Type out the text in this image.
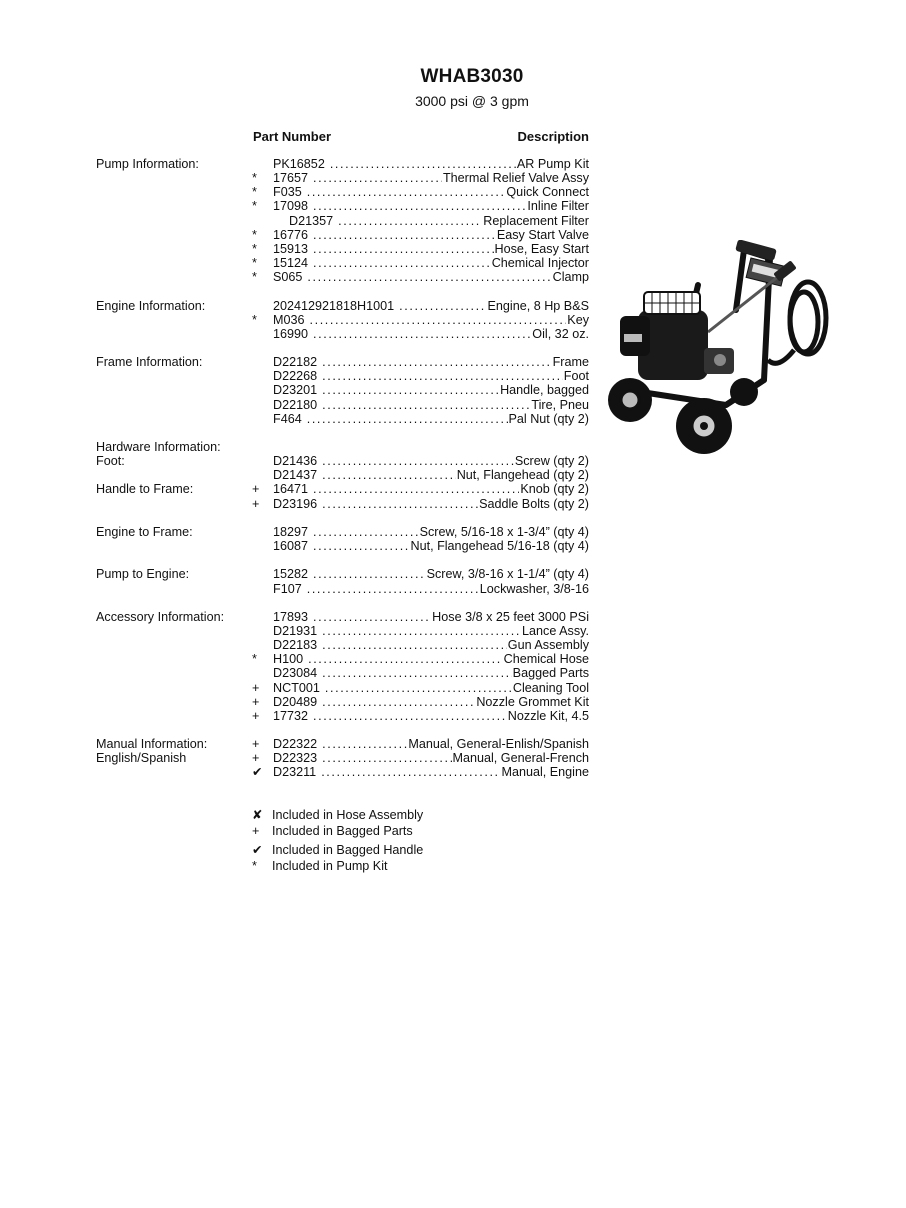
WHAB3030
3000 psi @ 3 gpm
Part Number	Description
Pump Information:	PK16852 .....	AR Pump Kit
*	17657 .....	Thermal Relief Valve Assy
*	F035 .....	Quick Connect
*	17098 .....	Inline Filter
D21357 .....	Replacement Filter
*	16776 .....	Easy Start Valve
*	15913 .....	Hose, Easy Start
*	15124 .....	Chemical Injector
*	S065 .....	Clamp
Engine Information:	202412921818H1001 .....	Engine, 8 Hp B&S
*	M036 .....	Key
16990 .....	Oil, 32 oz.
Frame Information:	D22182 .....	Frame
D22268 .....	Foot
D23201 .....	Handle, bagged
D22180 .....	Tire, Pneu
F464 .....	Pal Nut (qty 2)
Hardware Information:
Foot:	D21436 .....	Screw (qty 2)
D21437 .....	Nut, Flangehead (qty 2)
Handle to Frame:	+	16471 .....	Knob (qty 2)
+	D23196 .....	Saddle Bolts (qty 2)
Engine to Frame:	18297 .....	Screw, 5/16-18 x 1-3/4” (qty 4)
16087 .....	Nut, Flangehead 5/16-18 (qty 4)
Pump to Engine:	15282 .....	Screw, 3/8-16 x 1-1/4” (qty 4)
F107 .....	Lockwasher, 3/8-16
Accessory Information:	17893 .....	Hose 3/8 x 25 feet 3000 PSi
D21931 .....	Lance Assy.
D22183 .....	Gun Assembly
*	H100 .....	Chemical Hose
D23084 .....	Bagged Parts
+	NCT001 .....	Cleaning Tool
+	D20489 .....	Nozzle Grommet Kit
+	17732 .....	Nozzle Kit, 4.5
Manual Information:	+	D22322 .....	Manual, General-Enlish/Spanish
English/Spanish	+	D22323 .....	Manual, General-French
✔ D23211 .....	Manual, Engine
✘ Included in Hose Assembly
+ Included in Bagged Parts
✔ Included in Bagged Handle
* Included in Pump Kit
